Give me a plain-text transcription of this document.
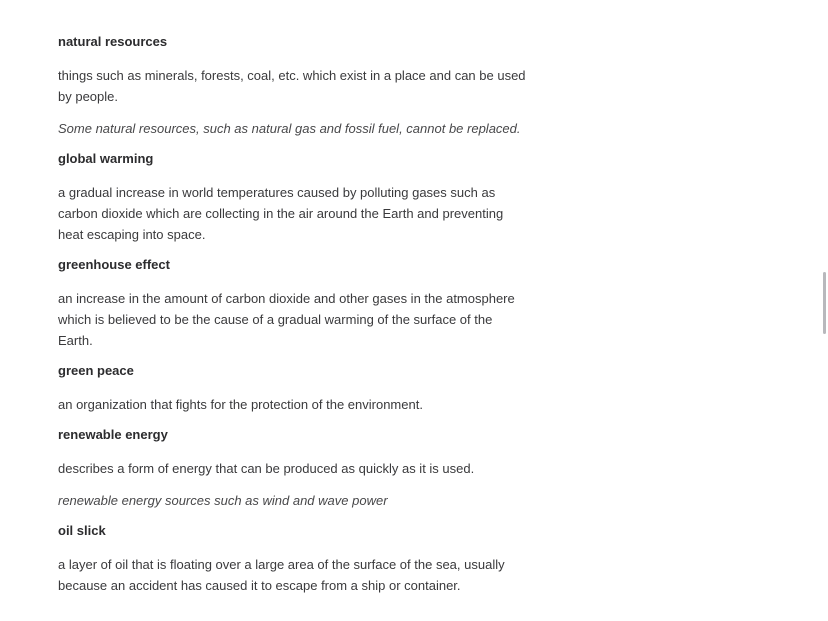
natural resources
things such as minerals, forests, coal, etc. which exist in a place and can be used by people.
Some natural resources, such as natural gas and fossil fuel, cannot be replaced.
global warming
a gradual increase in world temperatures caused by polluting gases such as carbon dioxide which are collecting in the air around the Earth and preventing heat escaping into space.
greenhouse effect
an increase in the amount of carbon dioxide and other gases in the atmosphere which is believed to be the cause of a gradual warming of the surface of the Earth.
green peace
an organization that fights for the protection of the environment.
renewable energy
describes a form of energy that can be produced as quickly as it is used.
renewable energy sources such as wind and wave power
oil slick
a layer of oil that is floating over a large area of the surface of the sea, usually because an accident has caused it to escape from a ship or container.
